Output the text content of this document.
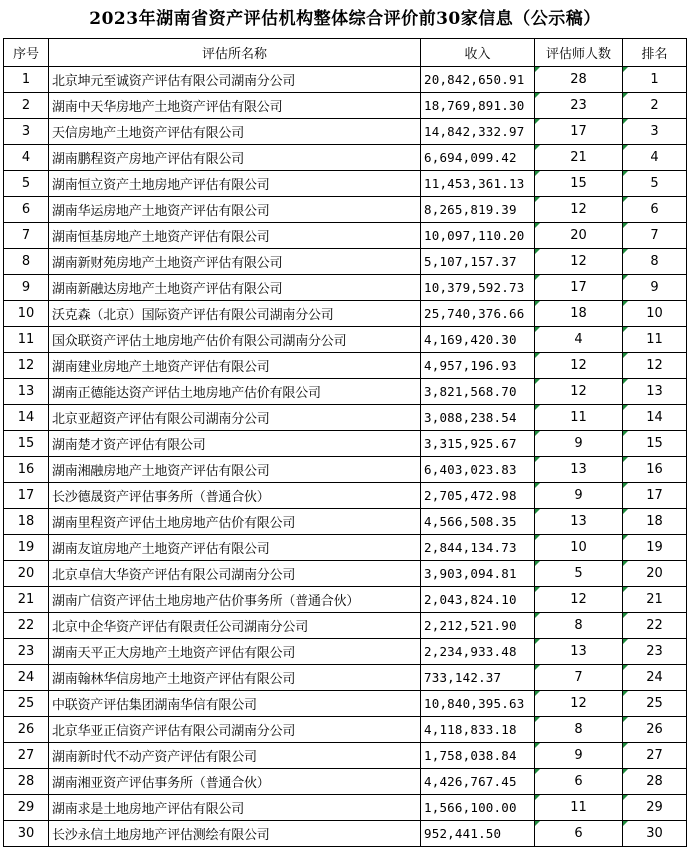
2023年湖南省资产评估机构整体综合评价前30家信息（公示稿）
序号	评估所名称	收入	评估师人数	排名
1	北京坤元至诚资产评估有限公司湖南分公司	20,842,650.91	28	1
2	湖南中天华房地产土地资产评估有限公司	18,769,891.30	23	2
3	天信房地产土地资产评估有限公司	14,842,332.97	17	3
4	湖南鹏程资产房地产评估有限公司	6,694,099.42	21	4
5	湖南恒立资产土地房地产评估有限公司	11,453,361.13	15	5
6	湖南华运房地产土地资产评估有限公司	8,265,819.39	12	6
7	湖南恒基房地产土地资产评估有限公司	10,097,110.20	20	7
8	湖南新财苑房地产土地资产评估有限公司	5,107,157.37	12	8
9	湖南新融达房地产土地资产评估有限公司	10,379,592.73	17	9
10	沃克森（北京）国际资产评估有限公司湖南分公司	25,740,376.66	18	10
11	国众联资产评估土地房地产估价有限公司湖南分公司	4,169,420.30	4	11
12	湖南建业房地产土地资产评估有限公司	4,957,196.93	12	12
13	湖南正德能达资产评估土地房地产估价有限公司	3,821,568.70	12	13
14	北京亚超资产评估有限公司湖南分公司	3,088,238.54	11	14
15	湖南楚才资产评估有限公司	3,315,925.67	9	15
16	湖南湘融房地产土地资产评估有限公司	6,403,023.83	13	16
17	长沙德晟资产评估事务所（普通合伙）	2,705,472.98	9	17
18	湖南里程资产评估土地房地产估价有限公司	4,566,508.35	13	18
19	湖南友谊房地产土地资产评估有限公司	2,844,134.73	10	19
20	北京卓信大华资产评估有限公司湖南分公司	3,903,094.81	5	20
21	湖南广信资产评估土地房地产估价事务所（普通合伙）	2,043,824.10	12	21
22	北京中企华资产评估有限责任公司湖南分公司	2,212,521.90	8	22
23	湖南天平正大房地产土地资产评估有限公司	2,234,933.48	13	23
24	湖南翰林华信房地产土地资产评估有限公司	733,142.37	7	24
25	中联资产评估集团湖南华信有限公司	10,840,395.63	12	25
26	北京华亚正信资产评估有限公司湖南分公司	4,118,833.18	8	26
27	湖南新时代不动产资产评估有限公司	1,758,038.84	9	27
28	湖南湘亚资产评估事务所（普通合伙）	4,426,767.45	6	28
29	湖南求是土地房地产评估有限公司	1,566,100.00	11	29
30	长沙永信土地房地产评估测绘有限公司	952,441.50	6	30
